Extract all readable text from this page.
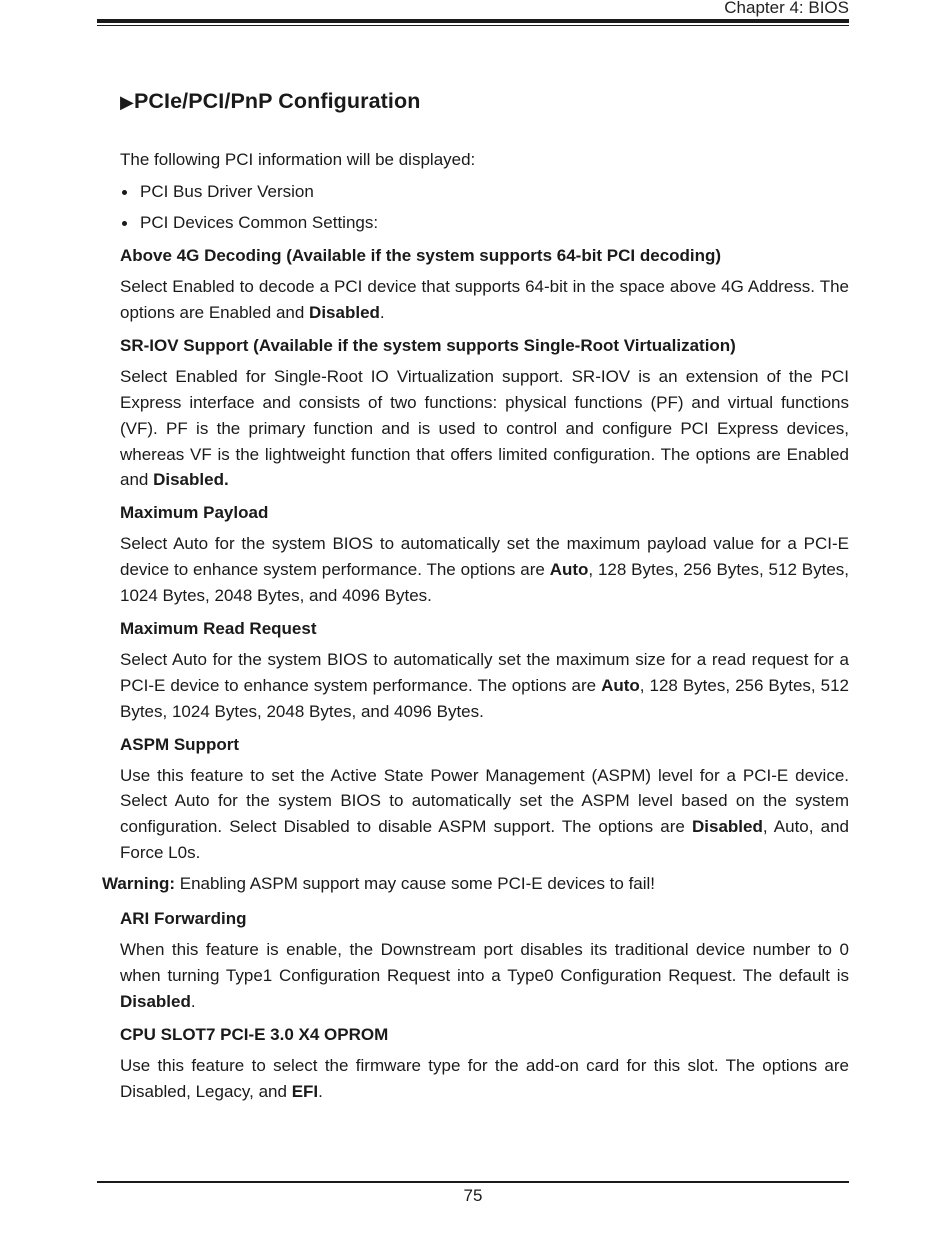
Chapter 4: BIOS
▶PCIe/PCI/PnP Configuration

The following PCI information will be displayed:

PCI Bus Driver Version
PCI Devices Common Settings:
Above 4G Decoding (Available if the system supports 64-bit PCI decoding)

Select Enabled to decode a PCI device that supports 64-bit in the space above 4G Address. The options are Enabled and Disabled.

SR-IOV Support (Available if the system supports Single-Root Virtualization)

Select Enabled for Single-Root IO Virtualization support. SR-IOV is an extension of the PCI Express interface and consists of two functions: physical functions (PF) and virtual functions (VF). PF is the primary function and is used to control and configure PCI Express devices, whereas VF is the lightweight function that offers limited configuration. The options are Enabled and Disabled.

Maximum Payload

Select Auto for the system BIOS to automatically set the maximum payload value for a PCI-E device to enhance system performance. The options are Auto, 128 Bytes, 256 Bytes, 512 Bytes, 1024 Bytes, 2048 Bytes, and 4096 Bytes.

Maximum Read Request

Select Auto for the system BIOS to automatically set the maximum size for a read request for a PCI-E device to enhance system performance. The options are Auto, 128 Bytes, 256 Bytes, 512 Bytes, 1024 Bytes, 2048 Bytes, and 4096 Bytes.

ASPM Support

Use this feature to set the Active State Power Management (ASPM) level for a PCI-E device. Select Auto for the system BIOS to automatically set the ASPM level based on the system configuration. Select Disabled to disable ASPM support. The options are Disabled, Auto, and Force L0s.

Warning: Enabling ASPM support may cause some PCI-E devices to fail!

ARI Forwarding

When this feature is enable, the Downstream port disables its traditional device number to 0 when turning Type1 Configuration Request into a Type0 Configuration Request. The default is Disabled.

CPU SLOT7 PCI-E 3.0 X4 OPROM

Use this feature to select the firmware type for the add-on card for this slot. The options are Disabled, Legacy, and EFI.

75
